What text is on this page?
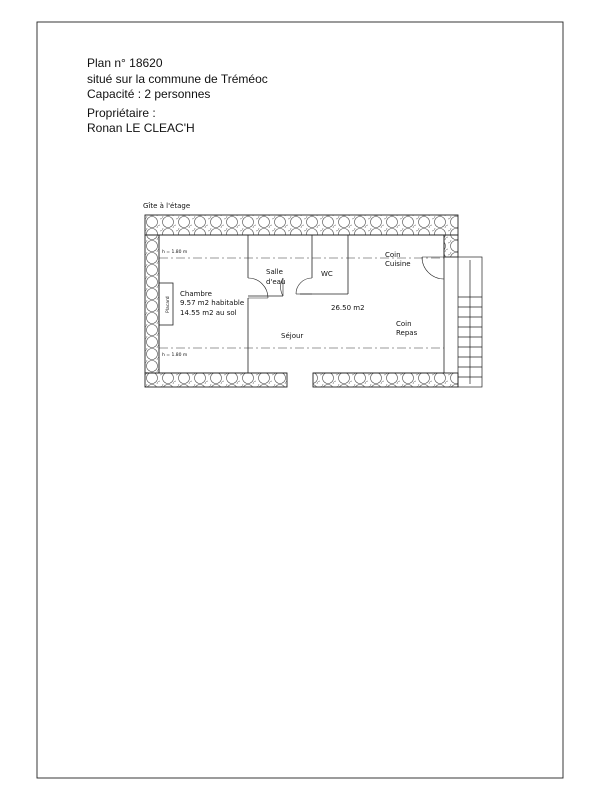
Plan n° 18620
situé sur la commune de Tréméoc
Capacité : 2 personnes
Propriétaire :
Ronan LE CLEAC'H
Gîte à l'étage
h = 1.80 m
h = 1.80 m
Placard
Chambre
9.57 m2 habitable
14.55 m2 au sol
Salle
d'eau
WC
Coin
Cuisine
26.50 m2
Séjour
Coin
Repas
